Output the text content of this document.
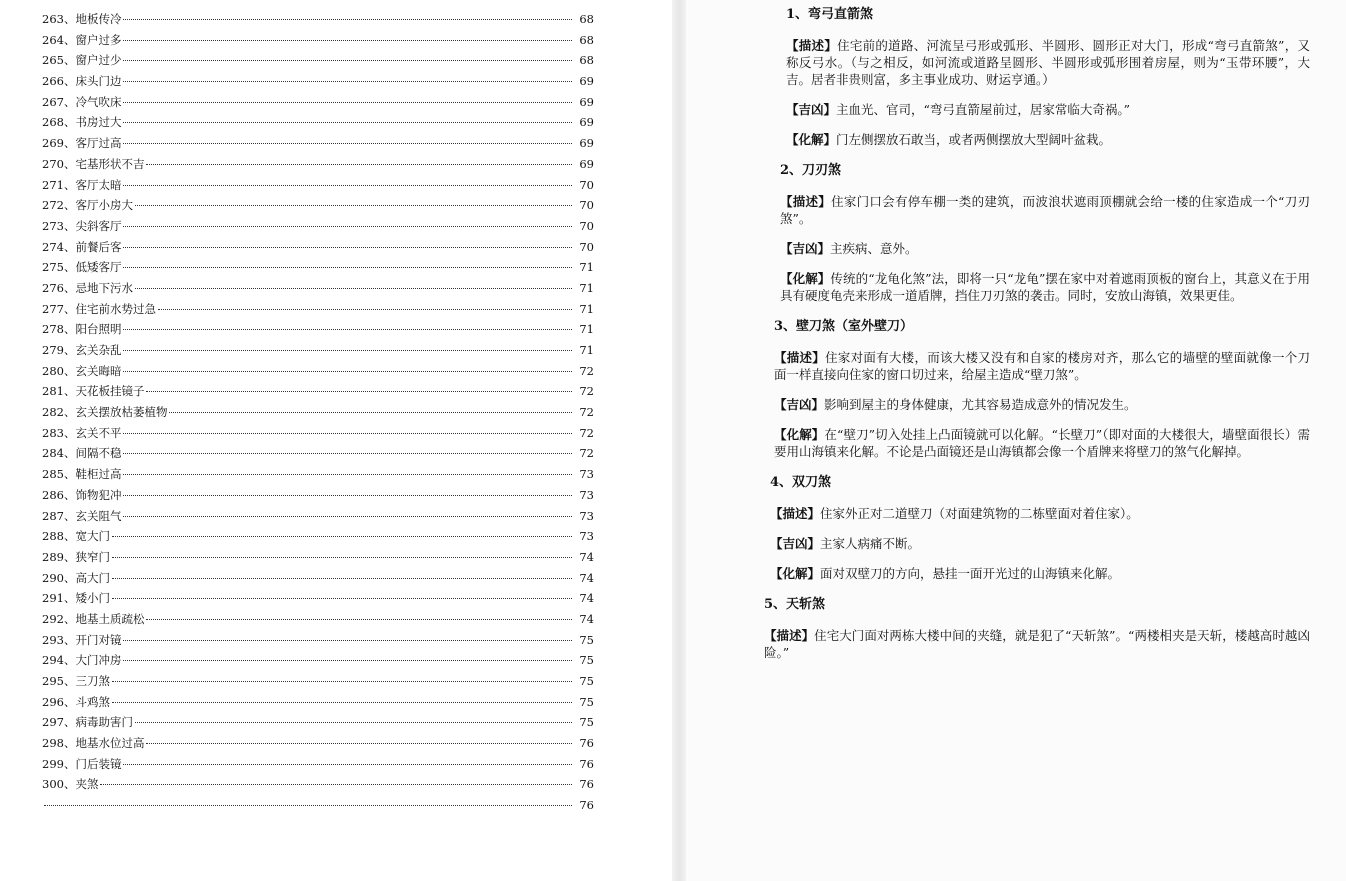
263、地板传冷	68
264、窗户过多	68
265、窗户过少	68
266、床头门边	69
267、冷气吹床	69
268、书房过大	69
269、客厅过高	69
270、宅基形状不吉	69
271、客厅太暗	70
272、客厅小房大	70
273、尖斜客厅	70
274、前餐后客	70
275、低矮客厅	71
276、忌地下污水	71
277、住宅前水势过急	71
278、阳台照明	71
279、玄关杂乱	71
280、玄关晦暗	72
281、天花板挂镜子	72
282、玄关摆放枯萎植物	72
283、玄关不平	72
284、间隔不稳	72
285、鞋柜过高	73
286、饰物犯冲	73
287、玄关阻气	73
288、宽大门	73
289、狭窄门	74
290、高大门	74
291、矮小门	74
292、地基土质疏松	74
293、开门对镜	75
294、大门冲房	75
295、三刀煞	75
296、斗鸡煞	75
297、病毒助害门	75
298、地基水位过高	76
299、门后装镜	76
300、夹煞	76
76
1、弯弓直箭煞
【描述】住宅前的道路、河流呈弓形或弧形、半圆形、圆形正对大门，形成“弯弓直箭煞”，又称反弓水。（与之相反，如河流或道路呈圆形、半圆形或弧形围着房屋，则为“玉带环腰”，大吉。居者非贵则富，多主事业成功、财运亨通。）
【吉凶】主血光、官司，“弯弓直箭屋前过，居家常临大奇祸。”
【化解】门左侧摆放石敢当，或者两侧摆放大型阔叶盆栽。
2、刀刃煞
【描述】住家门口会有停车棚一类的建筑，而波浪状遮雨顶棚就会给一楼的住家造成一个“刀刃煞”。
【吉凶】主疾病、意外。
【化解】传统的“龙龟化煞”法，即将一只“龙龟”摆在家中对着遮雨顶板的窗台上，其意义在于用具有硬度龟壳来形成一道盾牌，挡住刀刃煞的袭击。同时，安放山海镇，效果更佳。
3、壁刀煞（室外壁刀）
【描述】住家对面有大楼，而该大楼又没有和自家的楼房对齐，那么它的墙壁的壁面就像一个刀面一样直接向住家的窗口切过来，给屋主造成“壁刀煞”。
【吉凶】影响到屋主的身体健康，尤其容易造成意外的情况发生。
【化解】在“壁刀”切入处挂上凸面镜就可以化解。“长壁刀”（即对面的大楼很大，墙壁面很长）需要用山海镇来化解。不论是凸面镜还是山海镇都会像一个盾牌来将壁刀的煞气化解掉。
4、双刀煞
【描述】住家外正对二道壁刀（对面建筑物的二栋壁面对着住家）。
【吉凶】主家人病痛不断。
【化解】面对双壁刀的方向，悬挂一面开光过的山海镇来化解。
5、天斩煞
【描述】住宅大门面对两栋大楼中间的夹缝，就是犯了“天斩煞”。“两楼相夹是天斩，楼越高时越凶险。”
